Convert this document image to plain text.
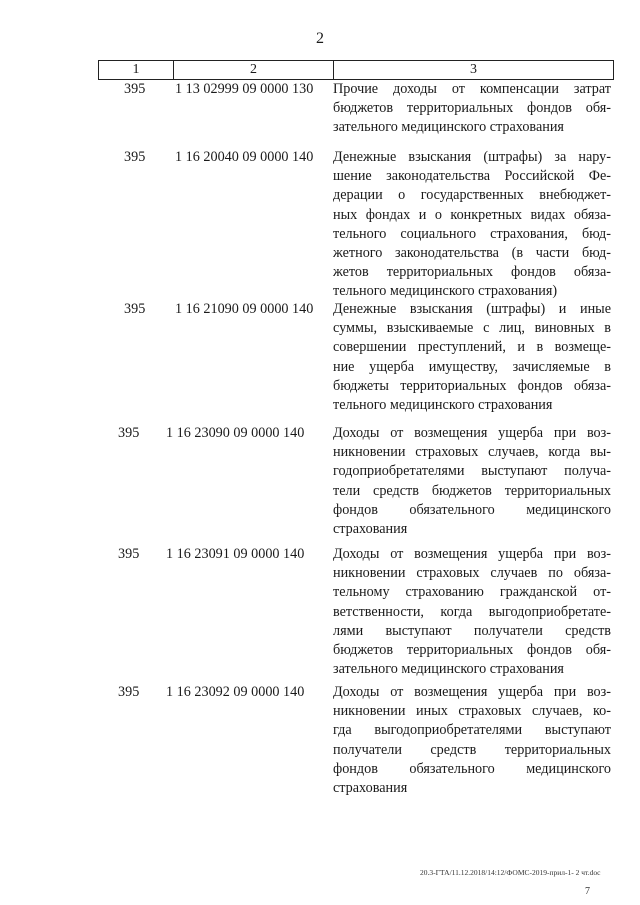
2
1	2	3
395	1 13 02999 09 0000 130 Прочие доходы от компенсации затрат
бюджетов территориальных фондов обя-
зательного медицинского страхования
395	1 16 20040 09 0000 140 Денежные взыскания (штрафы) за нару-
шение законодательства Российской Фе-
дерации о государственных внебюджет-
ных фондах и о конкретных видах обяза-
тельного социального страхования, бюд-
жетного законодательства (в части бюд-
жетов территориальных фондов обяза-
тельного медицинского страхования)
395	1 16 21090 09 0000 140 Денежные взыскания (штрафы) и иные
суммы, взыскиваемые с лиц, виновных в
совершении преступлений, и в возмеще-
ние ущерба имуществу, зачисляемые в
бюджеты территориальных фондов обяза-
тельного медицинского страхования
395	1 16 23090 09 0000 140 Доходы от возмещения ущерба при воз-
никновении страховых случаев, когда вы-
годоприобретателями выступают получа-
тели средств бюджетов территориальных
фондов обязательного медицинского
страхования
395	1 16 23091 09 0000 140 Доходы от возмещения ущерба при воз-
никновении страховых случаев по обяза-
тельному страхованию гражданской от-
ветственности, когда выгодоприобретате-
лями выступают получатели средств
бюджетов территориальных фондов обя-
зательного медицинского страхования
395	1 16 23092 09 0000 140 Доходы от возмещения ущерба при воз-
никновении иных страховых случаев, ко-
гда выгодоприобретателями выступают
получатели средств территориальных
фондов обязательного медицинского
страхования
20.3-ГТА/11.12.2018/14:12/ФОМС-2019-прил-1- 2 чт.doc
7
